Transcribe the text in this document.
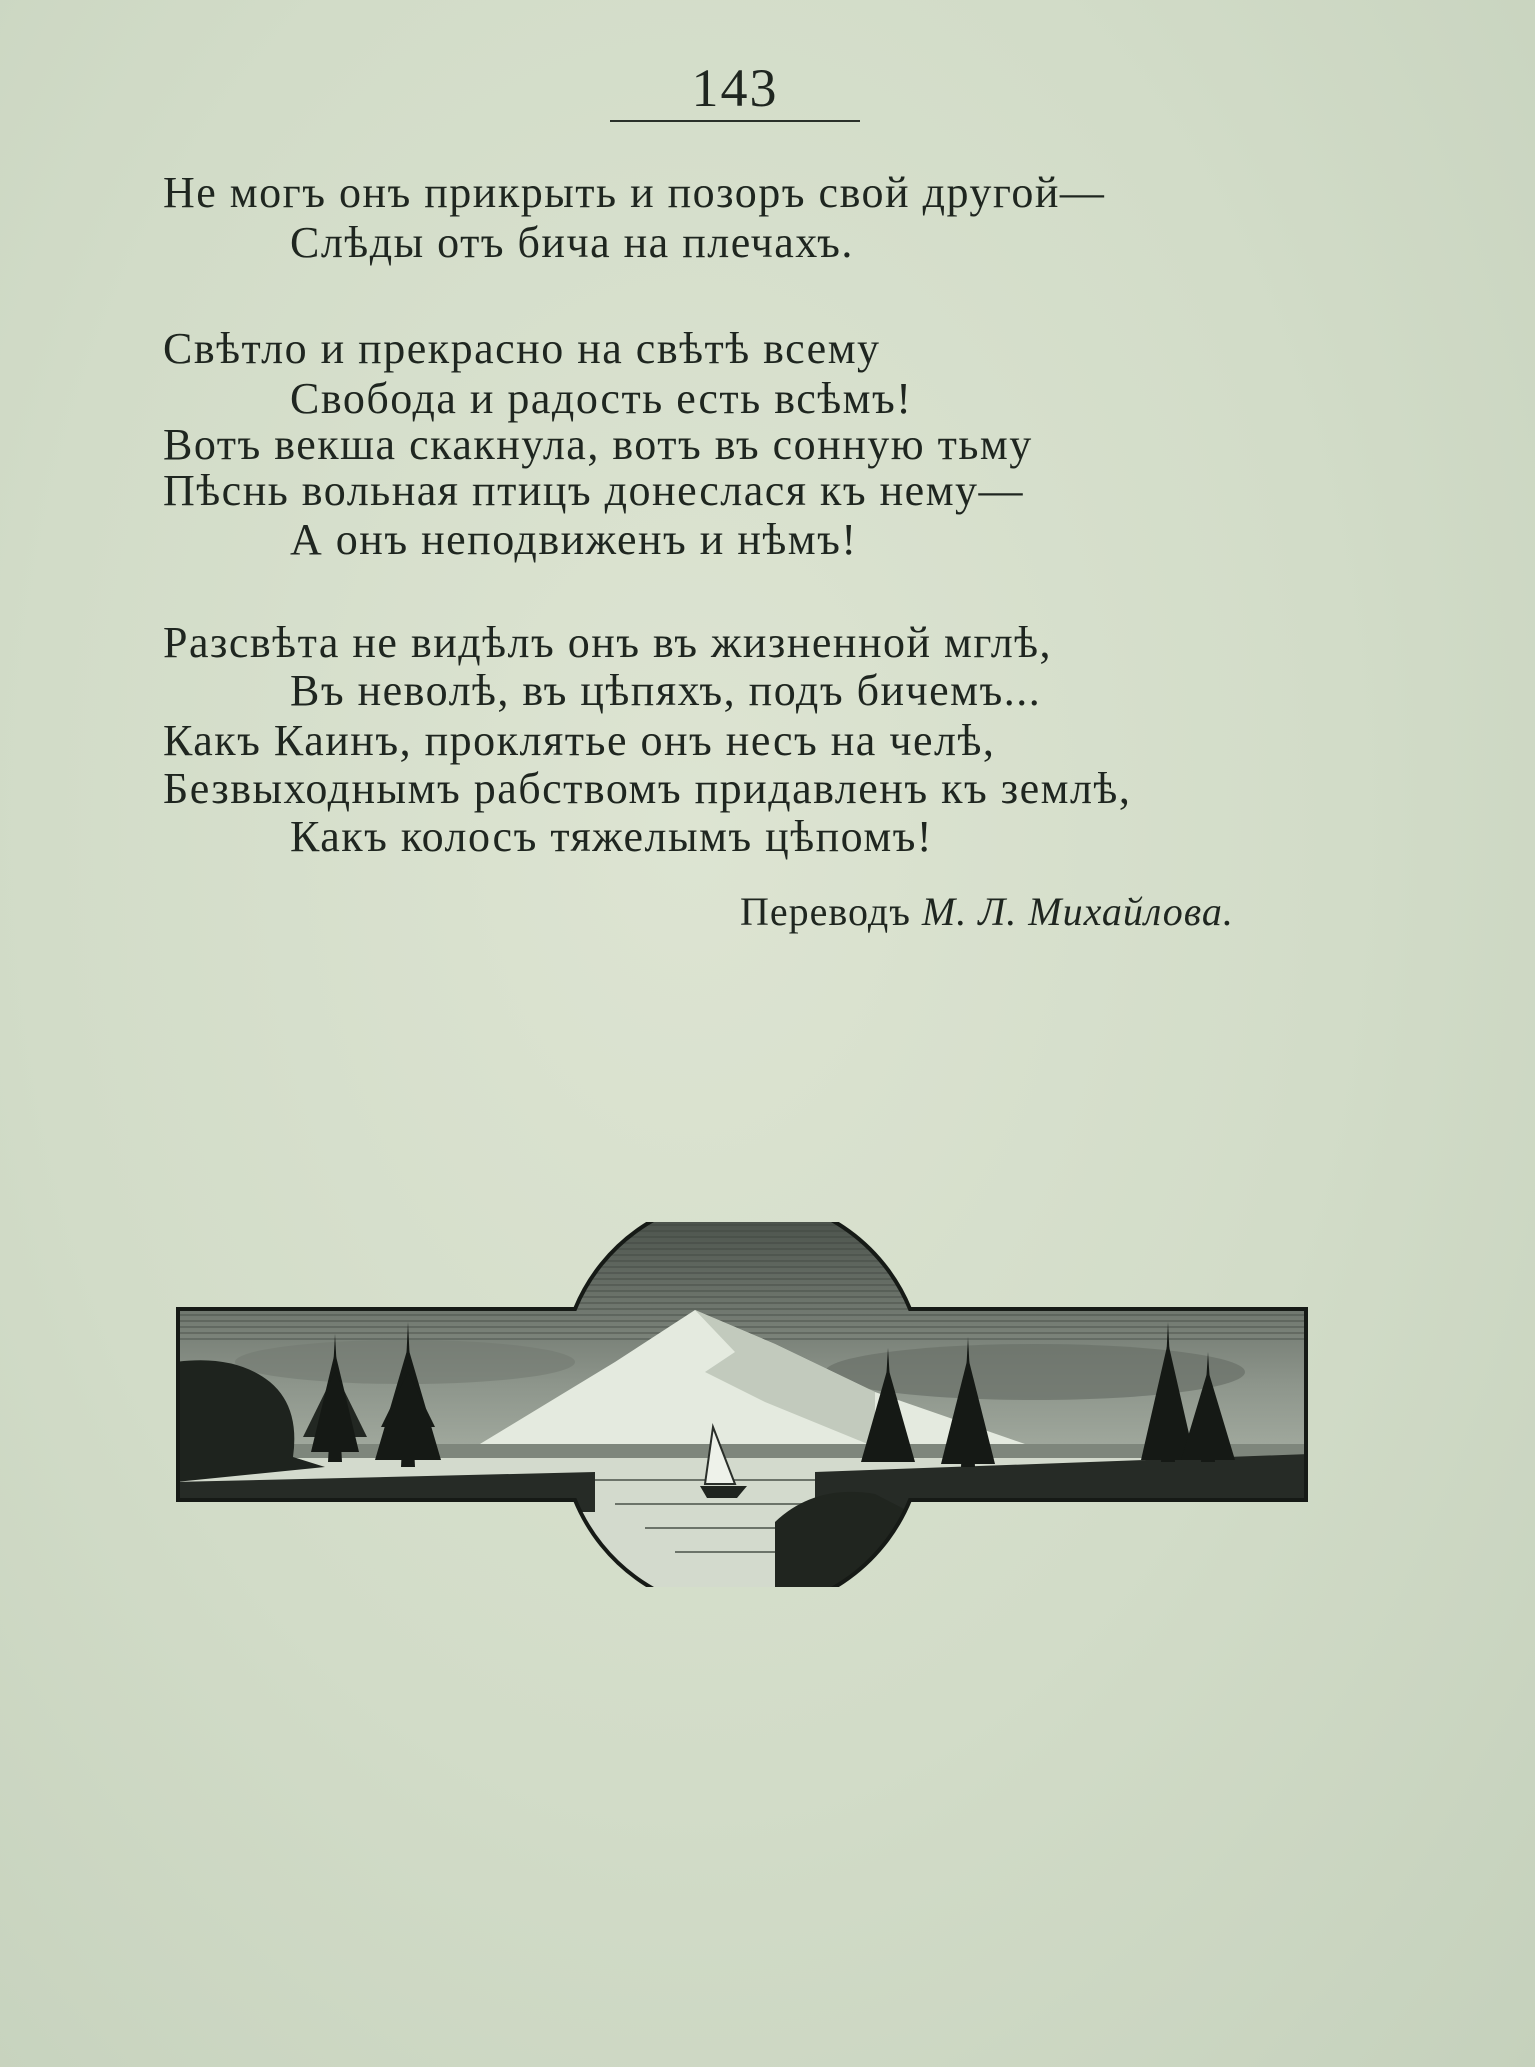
143
Не могъ онъ прикрыть и позоръ свой другой—
Слѣды отъ бича на плечахъ.
Свѣтло и прекрасно на свѣтѣ всему
Свобода и радость есть всѣмъ!
Вотъ векша скакнула, вотъ въ сонную тьму
Пѣснь вольная птицъ донеслася къ нему—
А онъ неподвиженъ и нѣмъ!
Разсвѣта не видѣлъ онъ въ жизненной мглѣ,
Въ неволѣ, въ цѣпяхъ, подъ бичемъ...
Какъ Каинъ, проклятье онъ несъ на челѣ,
Безвыходнымъ рабствомъ придавленъ къ землѣ,
Какъ колосъ тяжелымъ цѣпомъ!
Переводъ М. Л. Михайлова.
